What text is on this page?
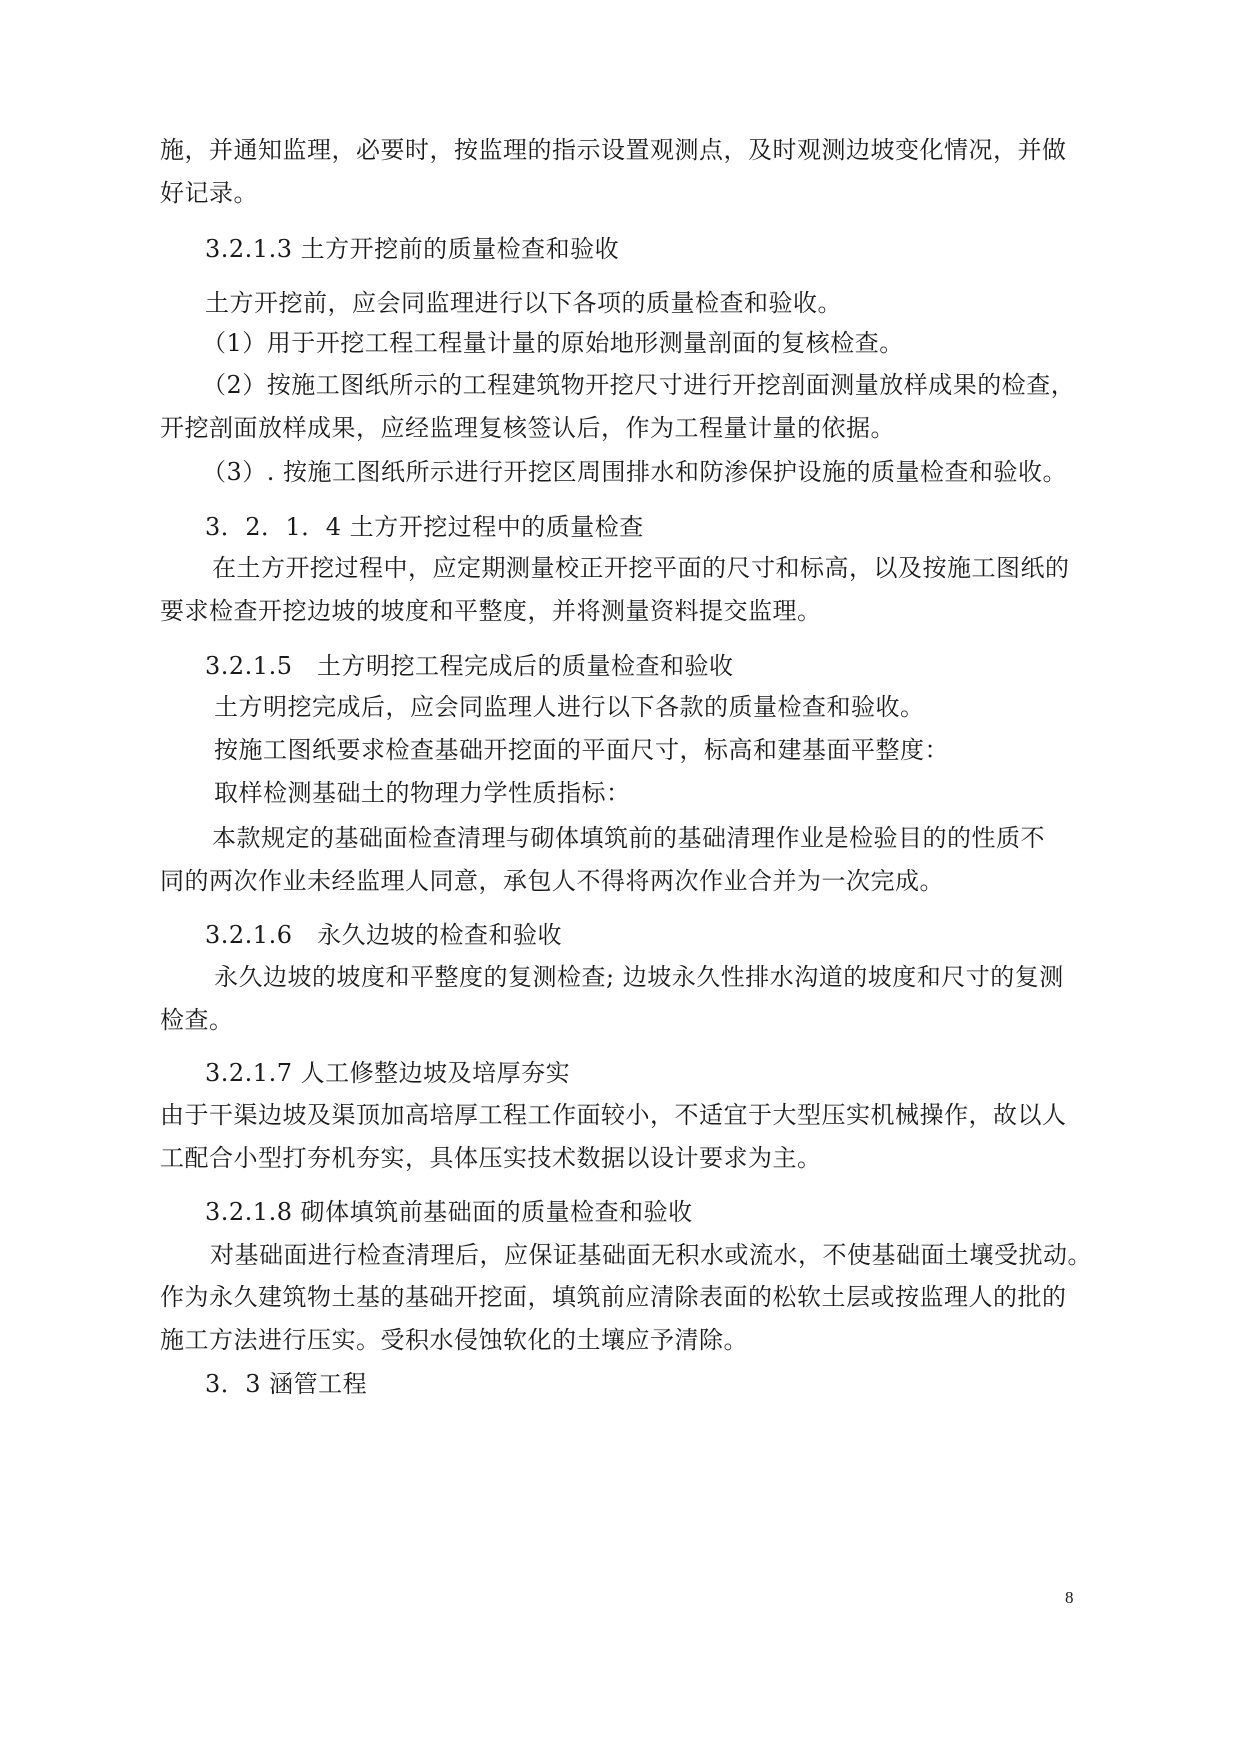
施，并通知监理，必要时，按监理的指示设置观测点，及时观测边坡变化情况，并做

好记录。

3.2.1.3 土方开挖前的质量检查和验收

土方开挖前，应会同监理进行以下各项的质量检查和验收。

（1）用于开挖工程工程量计量的原始地形测量剖面的复核检查。

（2）按施工图纸所示的工程建筑物开挖尺寸进行开挖剖面测量放样成果的检查，

开挖剖面放样成果，应经监理复核签认后，作为工程量计量的依据。

（3）. 按施工图纸所示进行开挖区周围排水和防渗保护设施的质量检查和验收。

3．2．1．4 土方开挖过程中的质量检查

在土方开挖过程中，应定期测量校正开挖平面的尺寸和标高，以及按施工图纸的

要求检查开挖边坡的坡度和平整度，并将测量资料提交监理。

3.2.1.5　土方明挖工程完成后的质量检查和验收

土方明挖完成后，应会同监理人进行以下各款的质量检查和验收。

按施工图纸要求检查基础开挖面的平面尺寸，标高和建基面平整度：

取样检测基础土的物理力学性质指标：

本款规定的基础面检查清理与砌体填筑前的基础清理作业是检验目的的性质不

同的两次作业未经监理人同意，承包人不得将两次作业合并为一次完成。

3.2.1.6　永久边坡的检查和验收

永久边坡的坡度和平整度的复测检查; 边坡永久性排水沟道的坡度和尺寸的复测

检查。

3.2.1.7 人工修整边坡及培厚夯实

由于干渠边坡及渠顶加高培厚工程工作面较小，不适宜于大型压实机械操作，故以人

工配合小型打夯机夯实，具体压实技术数据以设计要求为主。

3.2.1.8 砌体填筑前基础面的质量检查和验收

对基础面进行检查清理后，应保证基础面无积水或流水，不使基础面土壤受扰动。

作为永久建筑物土基的基础开挖面，填筑前应清除表面的松软土层或按监理人的批的

施工方法进行压实。受积水侵蚀软化的土壤应予清除。

3．3 涵管工程

8
